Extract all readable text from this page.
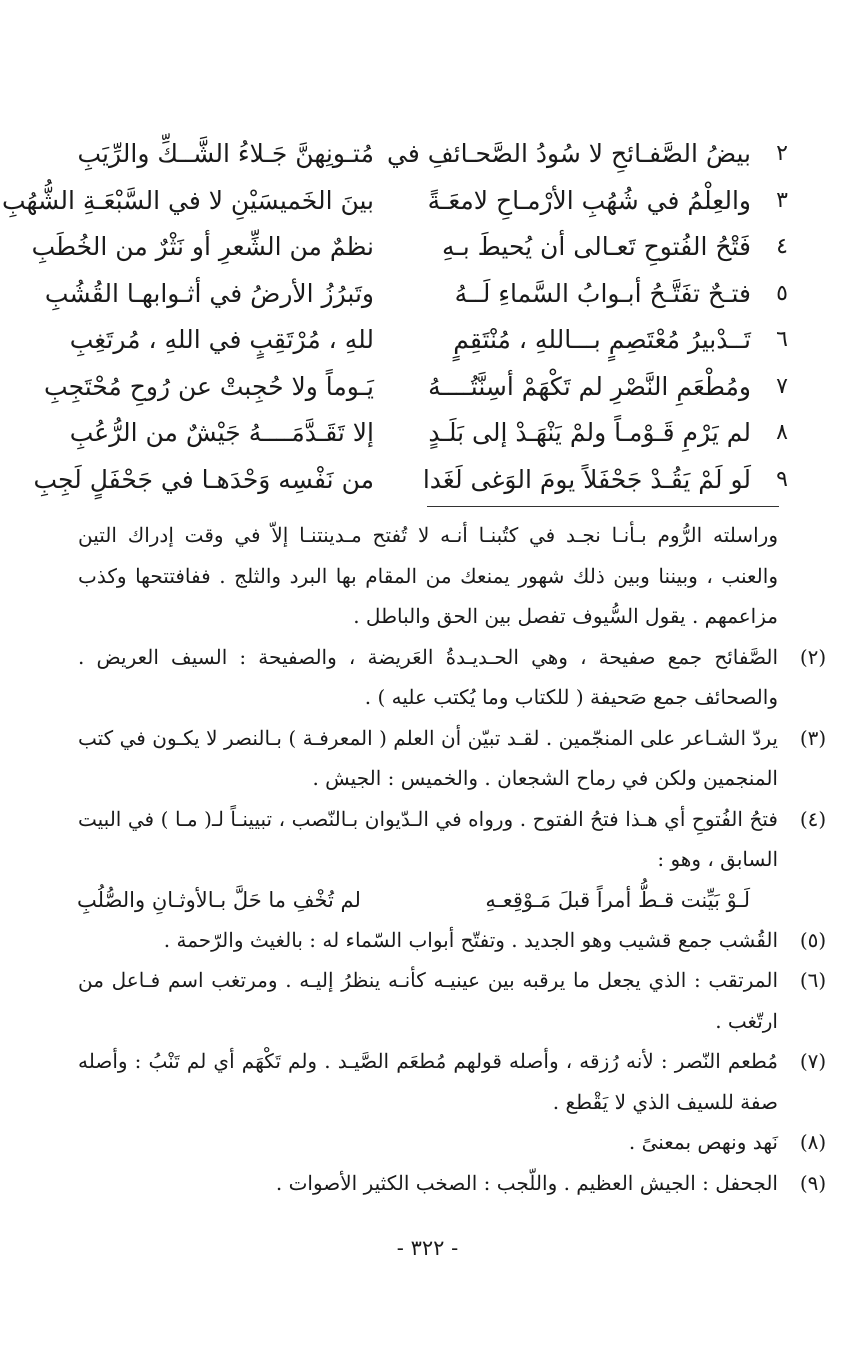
٢
بيضُ الصَّفـائحِ لا سُودُ الصَّحـائفِ في
مُتـونِهنَّ جَـلاءُ الشَّــكِّ والرِّيَبِ
٣
والعِلْمُ في شُهُبِ الأرْمـاحِ لامعَـةً
بينَ الخَميسَيْنِ لا في السَّبْعَـةِ الشُّهُبِ
٤
فَتْحُ الفُتوحِ تَعـالى أن يُحيطَ بـهِ
نظمٌ من الشِّعرِ أو نَثْرٌ من الخُطَبِ
٥
فتـحٌ تفَتَّـحُ أبـوابُ السَّماءِ لَــهُ
وتَبرُزُ الأرضُ في أثـوابهـا القُشُبِ
٦
تَــدْبيرُ مُعْتَصِمٍ بـــاللهِ ، مُنْتَقِمٍ
للهِ ، مُرْتَقِبٍ في اللهِ ، مُرتَغِبِ
٧
ومُطْعَمِ النَّصْرِ لم تَكْهَمْ أسِنَّتُــــهُ
يَـوماً ولا حُجِبتْ عن رُوحِ مُحْتَجِبِ
٨
لم يَرْمِ قَـوْمـاً ولمْ يَنْهَـدْ إلى بَلَـدٍ
إلا تَقَـدَّمَــــهُ جَيْشٌ من الرُّعُبِ
٩
لَو لَمْ يَقُـدْ جَحْفَلاً يومَ الوَغى لَغَدا
من نَفْسِه وَحْدَهـا في جَحْفَلٍ لَجِبِ
وراسلته الرُّوم بـأنـا نجـد في كتُبنـا أنـه لا تُفتح مـدينتنـا إلاّ في وقت إدراك التين والعنب ، وبيننا وبين ذلك شهور يمنعك من المقام بها البرد والثلج . ففافتتحها وكذب مزاعمهم . يقول السُّيوف تفصل بين الحق والباطل .
(٢)
الصَّفائح جمع صفيحة ، وهي الحـديـدةُ العَريضة ، والصفيحة : السيف العريض . والصحائف جمع صَحيفة ( للكتاب وما يُكتب عليه ) .
(٣)
يردّ الشـاعر على المنجّمين . لقـد تبيّن أن العلم ( المعرفـة ) بـالنصر لا يكـون في كتب المنجمين ولكن في رماح الشجعان . والخميس : الجيش .
(٤)
فتحُ الفُتوحِ أي هـذا فتحُ الفتوح . ورواه في الـدّيوان بـالنّصب ، تبيينـاً لـ( مـا ) في البيت السابق ، وهو :
لَـوْ بَيِّنت قـطُّ أمراً قبلَ مَـوْقِعـهِ
لم تُخْفِ ما حَلَّ بـالأوثـانِ والصُّلُبِ
(٥)
القُشب جمع قشيب وهو الجديد . وتفتّح أبواب السّماء له : بالغيث والرّحمة .
(٦)
المرتقب : الذي يجعل ما يرقبه بين عينيـه كأنـه ينظرُ إليـه . ومرتغب اسم فـاعل من ارتّغب .
(٧)
مُطعم النّصر : لأنه رُزقه ، وأصله قولهم مُطعَم الصَّيـد . ولم تَكْهَم أي لم تَنْبُ : وأصله صفة للسيف الذي لا يَقْطع .
(٨)
نَهد ونهص بمعنىً .
(٩)
الجحفل : الجيش العظيم . واللّجب : الصخب الكثير الأصوات .
- ٣٢٢ -
